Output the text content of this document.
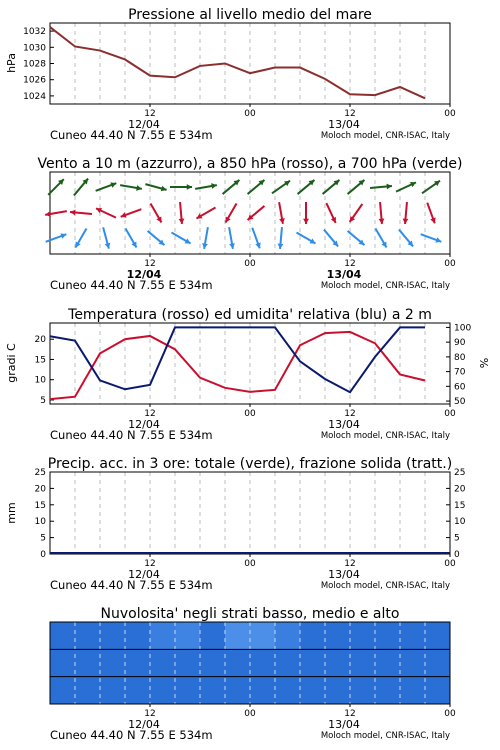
Pressione al livello medio del mare
1024
1026
1028
1030
1032
hPa
12	00	12	00
12/04	13/04
Cuneo 44.40 N 7.55 E 534m	Moloch model, CNR-ISAC, Italy
Vento a 10 m (azzurro), a 850 hPa (rosso), a 700 hPa (verde)
12	00	12	00
12/04	13/04
Cuneo 44.40 N 7.55 E 534m	Moloch model, CNR-ISAC, Italy
Temperatura (rosso) ed umidita' relativa (blu) a 2 m
5
10
15
20
50
60
70
80
90
100
gradi C	%
12	00	12	00
12/04	13/04
Cuneo 44.40 N 7.55 E 534m	Moloch model, CNR-ISAC, Italy
Precip. acc. in 3 ore: totale (verde), frazione solida (tratt.)
0	0
5	5
10	10
15	15
20	20
25	25
mm
12	00	12	00
12/04	13/04
Cuneo 44.40 N 7.55 E 534m	Moloch model, CNR-ISAC, Italy
Nuvolosita' negli strati basso, medio e alto
12	00	12	00
12/04	13/04
Cuneo 44.40 N 7.55 E 534m	Moloch model, CNR-ISAC, Italy
